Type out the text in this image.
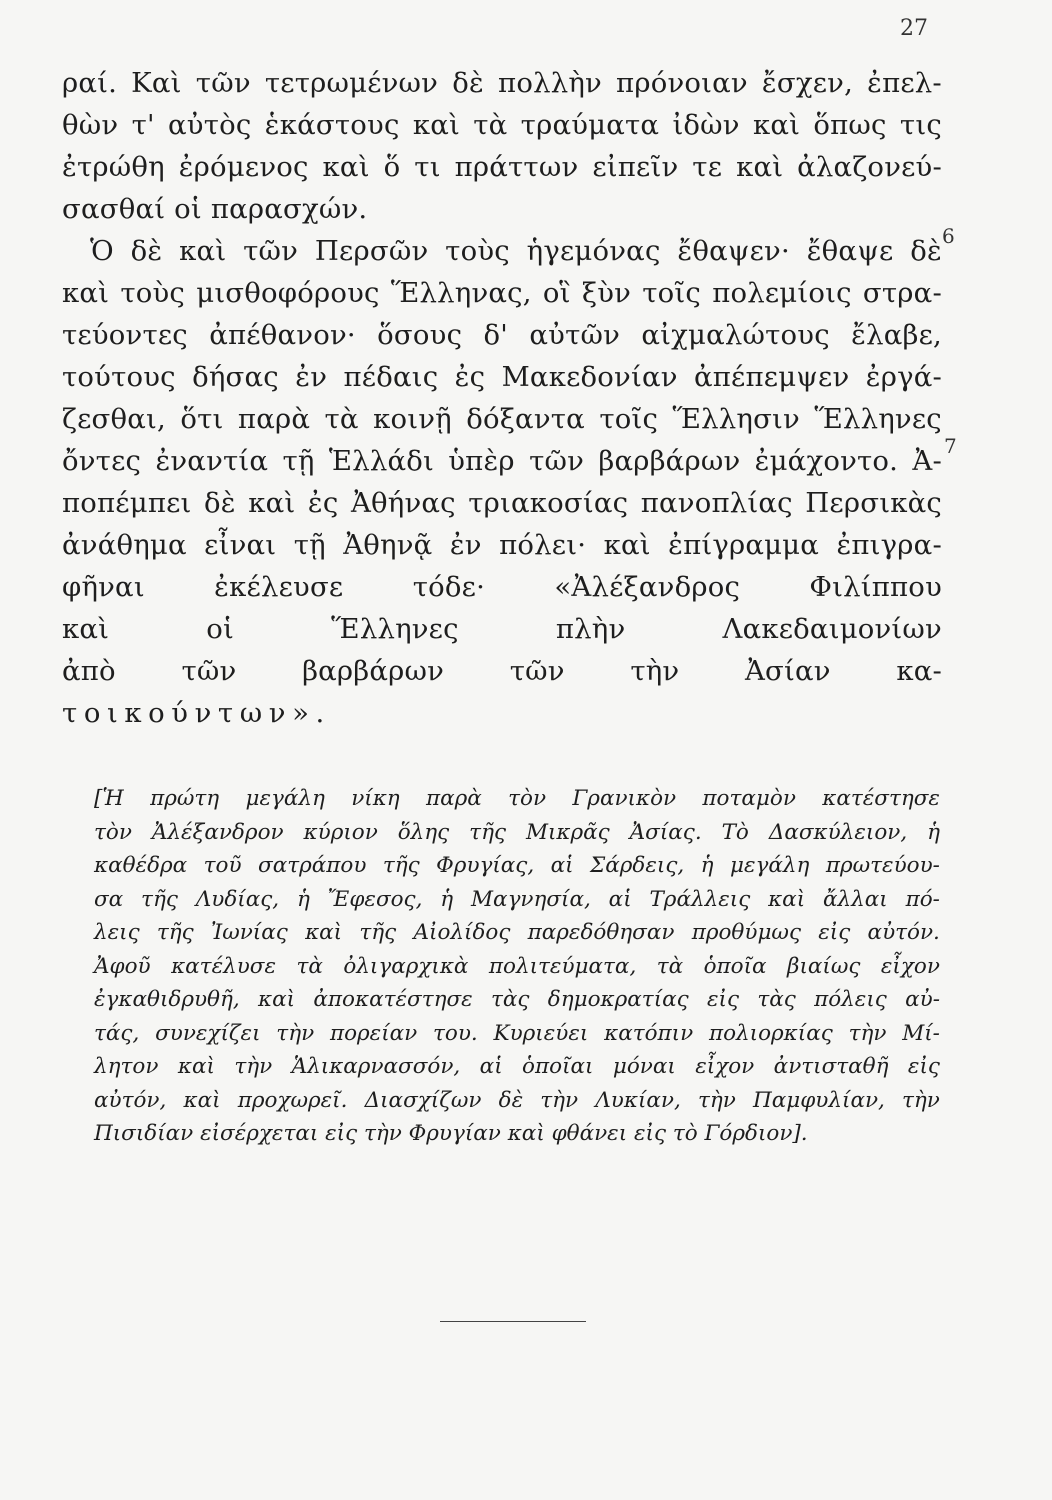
27
6
7
ραί. Καὶ τῶν τετρωμένων δὲ πολλὴν πρόνοιαν ἔσχεν, ἐπελ-
θὼν τ' αὐτὸς ἑκάστους καὶ τὰ τραύματα ἰδὼν καὶ ὅπως τις
ἐτρώθη ἐρόμενος καὶ ὅ τι πράττων εἰπεῖν τε καὶ ἀλαζονεύ-
σασθαί οἱ παρασχών.
Ὁ δὲ καὶ τῶν Περσῶν τοὺς ἡγεμόνας ἔθαψεν· ἔθαψε δὲ
καὶ τοὺς μισθοφόρους Ἕλληνας, οἳ ξὺν τοῖς πολεμίοις στρα-
τεύοντες ἀπέθανον· ὅσους δ' αὐτῶν αἰχμαλώτους ἔλαβε,
τούτους δήσας ἐν πέδαις ἐς Μακεδονίαν ἀπέπεμψεν ἐργά-
ζεσθαι, ὅτι παρὰ τὰ κοινῇ δόξαντα τοῖς Ἕλλησιν Ἕλληνες
ὄντες ἐναντία τῇ Ἑλλάδι ὑπὲρ τῶν βαρβάρων ἐμάχοντο. Ἀ-
ποπέμπει δὲ καὶ ἐς Ἀθήνας τριακοσίας πανοπλίας Περσικὰς
ἀνάθημα εἶναι τῇ Ἀθηνᾷ ἐν πόλει· καὶ ἐπίγραμμα ἐπιγρα-
φῆναι	ἐκέλευσε	τόδε·	«Ἀλέξανδρος	Φιλίππου
καὶ	οἱ	Ἕλληνες	πλὴν	Λακεδαιμονίων
ἀπὸ τῶν βαρβάρων τῶν τὴν Ἀσίαν κα-
τοικούντων».
[Ἡ πρώτη μεγάλη νίκη παρὰ τὸν Γρανικὸν ποταμὸν κατέστησε
τὸν Ἀλέξανδρον κύριον ὅλης τῆς Μικρᾶς Ἀσίας. Τὸ Δασκύλειον, ἡ
καθέδρα τοῦ σατράπου τῆς Φρυγίας, αἱ Σάρδεις, ἡ μεγάλη πρωτεύου-
σα τῆς Λυδίας, ἡ Ἔφεσος, ἡ Μαγνησία, αἱ Τράλλεις καὶ ἄλλαι πό-
λεις τῆς Ἰωνίας καὶ τῆς Αἰολίδος παρεδόθησαν προθύμως εἰς αὐτόν.
Ἀφοῦ κατέλυσε τὰ ὀλιγαρχικὰ πολιτεύματα, τὰ ὁποῖα βιαίως εἶχον
ἐγκαθιδρυθῆ, καὶ ἀποκατέστησε τὰς δημοκρατίας εἰς τὰς πόλεις αὐ-
τάς, συνεχίζει τὴν πορείαν του. Κυριεύει κατόπιν πολιορκίας τὴν Μί-
λητον καὶ τὴν Ἁλικαρνασσόν, αἱ ὁποῖαι μόναι εἶχον ἀντισταθῆ εἰς
αὐτόν, καὶ προχωρεῖ. Διασχίζων δὲ τὴν Λυκίαν, τὴν Παμφυλίαν, τὴν
Πισιδίαν εἰσέρχεται εἰς τὴν Φρυγίαν καὶ φθάνει εἰς τὸ Γόρδιον].
